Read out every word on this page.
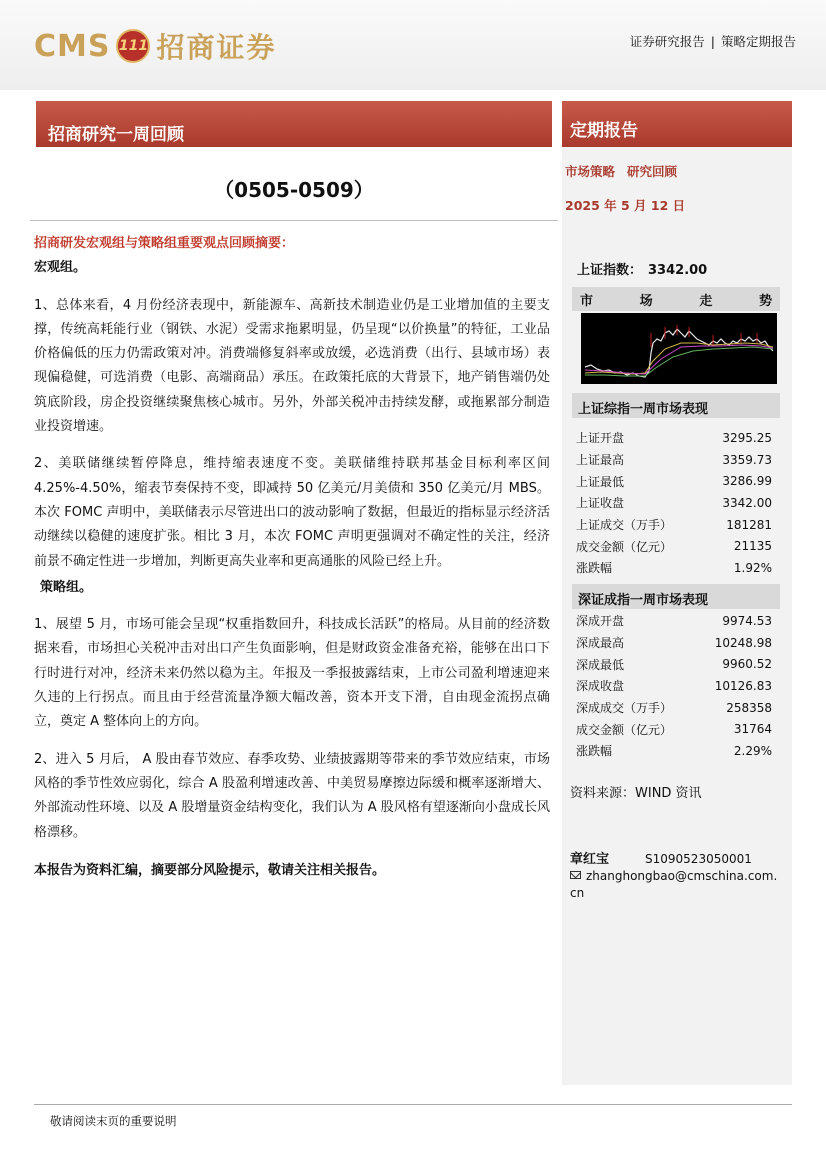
CMS 111 招商证券	证券研究报告 | 策略定期报告
招商研究一周回顾	定期报告
（0505-0509）
市场策略 研究回顾
2025 年 5 月 12 日
上证指数： 3342.00
市	场	走	势
上证综指一周市场表现
上证开盘	3295.25
上证最高	3359.73
上证最低	3286.99
上证收盘	3342.00
上证成交（万手）	181281
成交金额（亿元）	21135
涨跌幅	1.92%
深证成指一周市场表现
深成开盘	9974.53
深成最高	10248.98
深成最低	9960.52
深成收盘	10126.83
深成成交（万手）	258358
成交金额（亿元）	31764
涨跌幅	2.29%
资料来源：WIND 资讯
章红宝	S1090523050001
zhanghongbao@cmschina.com.cn

招商研发宏观组与策略组重要观点回顾摘要：

宏观组。

1、总体来看，4 月份经济表现中，新能源车、高新技术制造业仍是工业增加值的主要支撑，传统高耗能行业（钢铁、水泥）受需求拖累明显，仍呈现“以价换量”的特征，工业品价格偏低的压力仍需政策对冲。消费端修复斜率或放缓，必选消费（出行、县域市场）表现偏稳健，可选消费（电影、高端商品）承压。在政策托底的大背景下，地产销售端仍处筑底阶段，房企投资继续聚焦核心城市。另外，外部关税冲击持续发酵，或拖累部分制造业投资增速。

2、美联储继续暂停降息，维持缩表速度不变。美联储维持联邦基金目标利率区间 4.25%-4.50%，缩表节奏保持不变，即减持 50 亿美元/月美债和 350 亿美元/月 MBS。本次 FOMC 声明中，美联储表示尽管进出口的波动影响了数据，但最近的指标显示经济活动继续以稳健的速度扩张。相比 3 月，本次 FOMC 声明更强调对不确定性的关注，经济前景不确定性进一步增加，判断更高失业率和更高通胀的风险已经上升。

策略组。

1、展望 5 月，市场可能会呈现“权重指数回升，科技成长活跃”的格局。从目前的经济数据来看，市场担心关税冲击对出口产生负面影响，但是财政资金准备充裕，能够在出口下行时进行对冲，经济未来仍然以稳为主。年报及一季报披露结束，上市公司盈利增速迎来久违的上行拐点。而且由于经营流量净额大幅改善，资本开支下滑，自由现金流拐点确立，奠定 A 整体向上的方向。

2、进入 5 月后， A 股由春节效应、春季攻势、业绩披露期等带来的季节效应结束，市场风格的季节性效应弱化，综合 A 股盈利增速改善、中美贸易摩擦边际缓和概率逐渐增大、外部流动性环境、以及 A 股增量资金结构变化，我们认为 A 股风格有望逐渐向小盘成长风格漂移。

本报告为资料汇编，摘要部分风险提示，敬请关注相关报告。

敬请阅读末页的重要说明
